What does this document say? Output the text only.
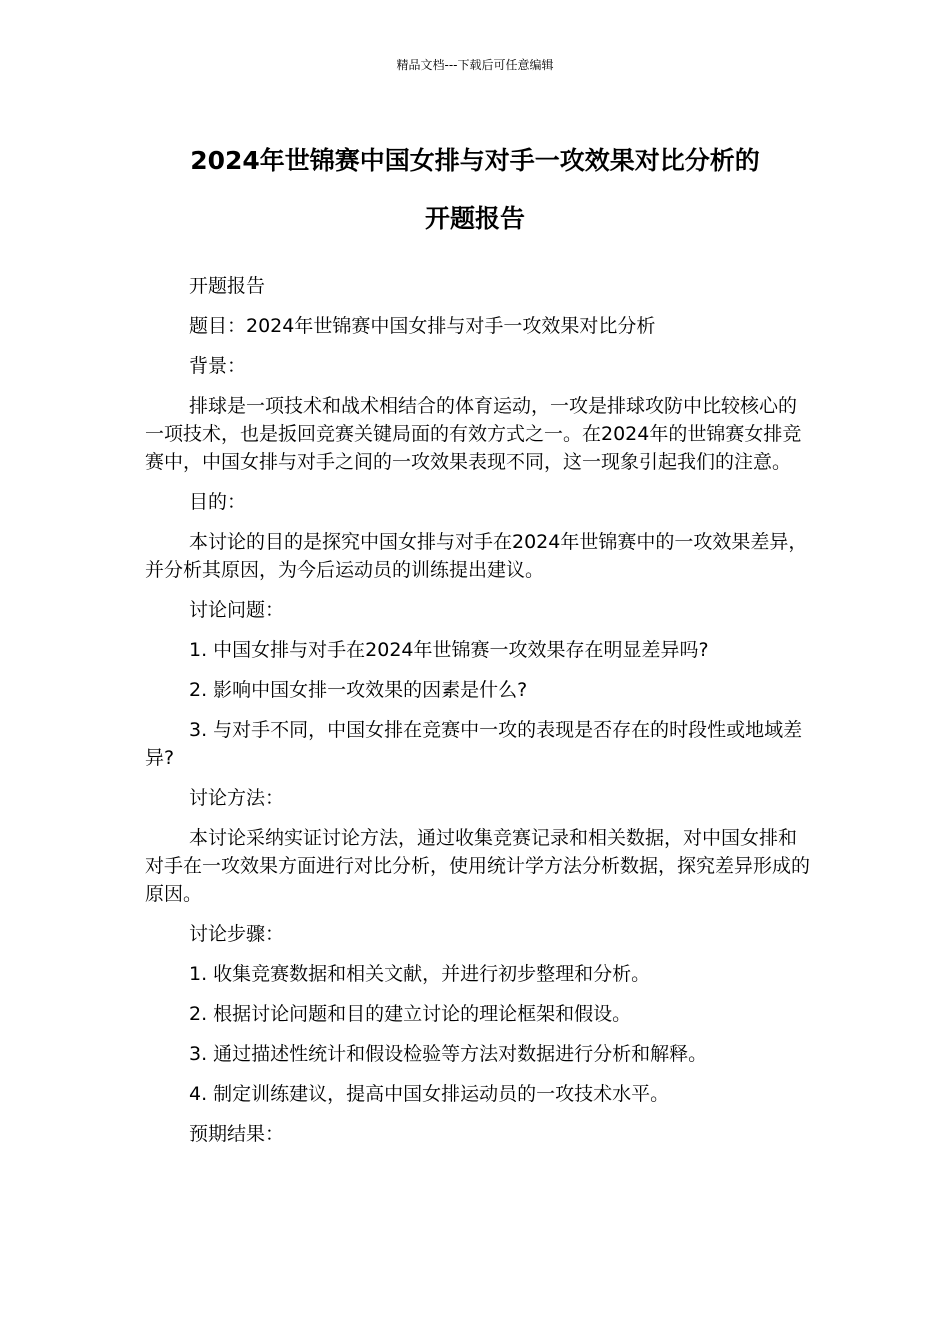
精品文档---下载后可任意编辑
2024年世锦赛中国女排与对手一攻效果对比分析的
开题报告

开题报告

题目：2024年世锦赛中国女排与对手一攻效果对比分析

背景：

排球是一项技术和战术相结合的体育运动，一攻是排球攻防中比较核心的一项技术，也是扳回竞赛关键局面的有效方式之一。在2024年的世锦赛女排竞赛中，中国女排与对手之间的一攻效果表现不同，这一现象引起我们的注意。

目的：

本讨论的目的是探究中国女排与对手在2024年世锦赛中的一攻效果差异，并分析其原因，为今后运动员的训练提出建议。

讨论问题：

1. 中国女排与对手在2024年世锦赛一攻效果存在明显差异吗?

2. 影响中国女排一攻效果的因素是什么?

3. 与对手不同，中国女排在竞赛中一攻的表现是否存在的时段性或地域差异?

讨论方法：

本讨论采纳实证讨论方法，通过收集竞赛记录和相关数据，对中国女排和对手在一攻效果方面进行对比分析，使用统计学方法分析数据，探究差异形成的原因。

讨论步骤：

1. 收集竞赛数据和相关文献，并进行初步整理和分析。

2. 根据讨论问题和目的建立讨论的理论框架和假设。

3. 通过描述性统计和假设检验等方法对数据进行分析和解释。

4. 制定训练建议，提高中国女排运动员的一攻技术水平。

预期结果：
